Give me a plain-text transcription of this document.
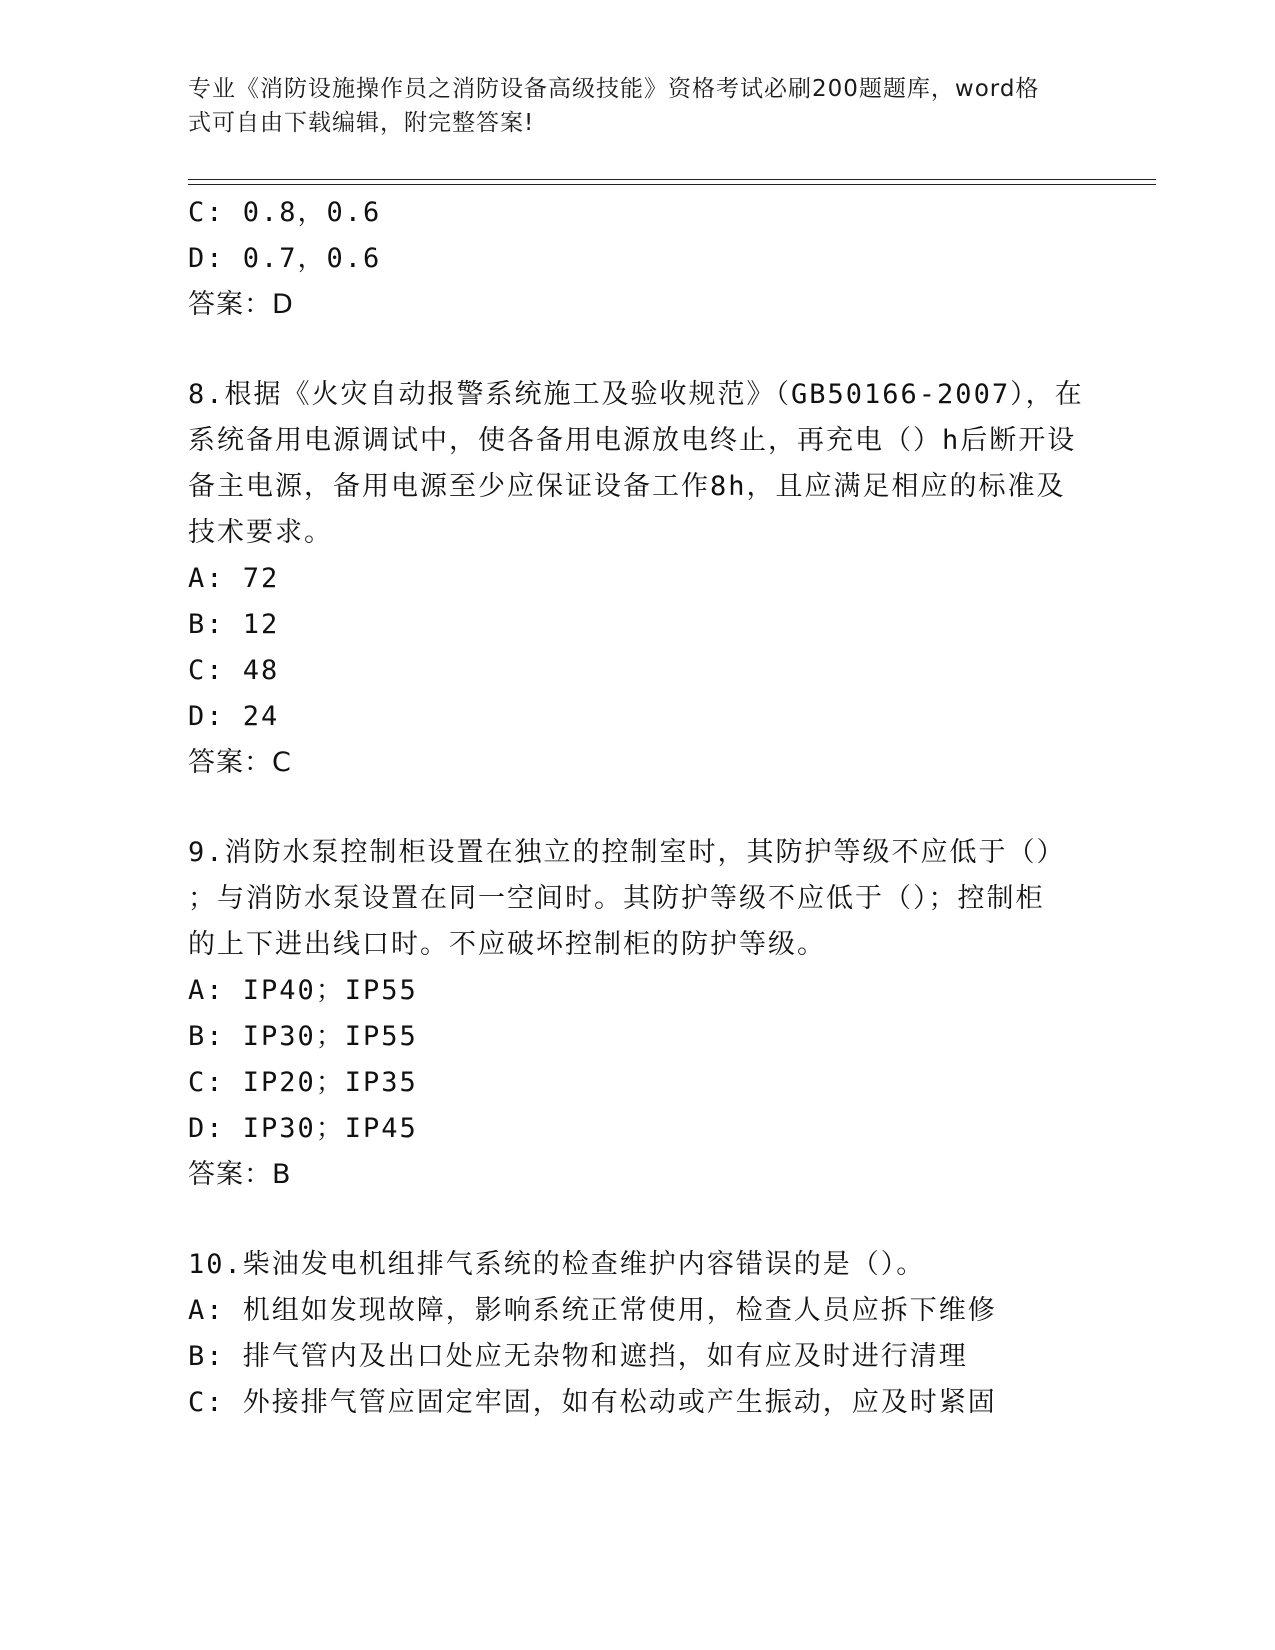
专业《消防设施操作员之消防设备高级技能》资格考试必刷200题题库，word格
式可自由下载编辑，附完整答案!
C: 0.8，0.6
D: 0.7，0.6
答案：D
8.根据《火灾自动报警系统施工及验收规范》（GB50166-2007），在
系统备用电源调试中，使各备用电源放电终止，再充电（）h后断开设
备主电源，备用电源至少应保证设备工作8h，且应满足相应的标准及
技术要求。
A: 72
B: 12
C: 48
D: 24
答案：C
9.消防水泵控制柜设置在独立的控制室时，其防护等级不应低于（）
；与消防水泵设置在同一空间时。其防护等级不应低于（）；控制柜
的上下进出线口时。不应破坏控制柜的防护等级。
A: IP40；IP55
B: IP30；IP55
C: IP20；IP35
D: IP30；IP45
答案：B
10.柴油发电机组排气系统的检查维护内容错误的是（）。
A: 机组如发现故障，影响系统正常使用，检查人员应拆下维修
B: 排气管内及出口处应无杂物和遮挡，如有应及时进行清理
C: 外接排气管应固定牢固，如有松动或产生振动，应及时紧固
